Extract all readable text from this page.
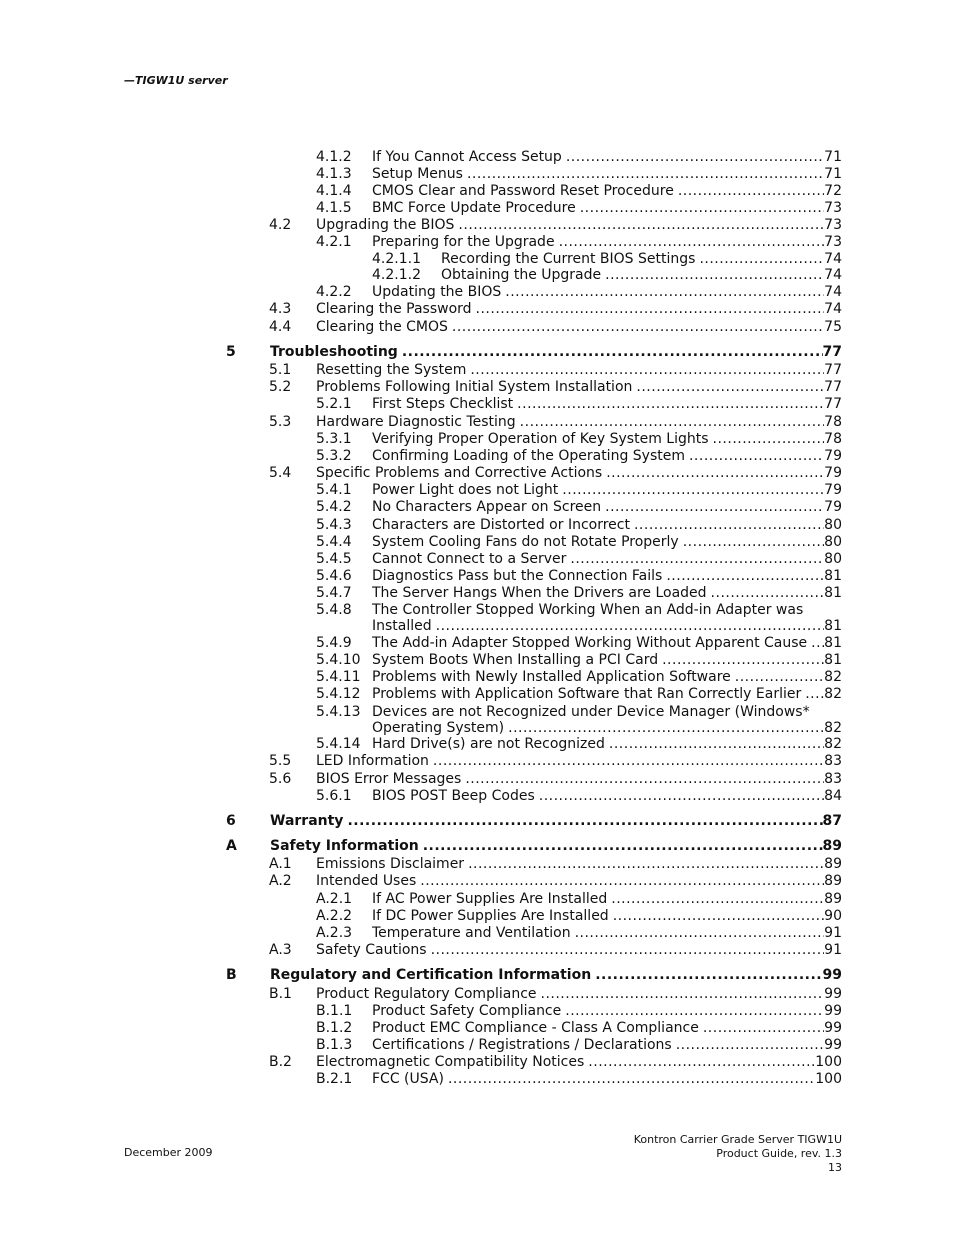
—TIGW1U server
4.1.2 If You Cannot Access Setup .....	71
4.1.3 Setup Menus .....	71
4.1.4 CMOS Clear and Password Reset Procedure .....	72
4.1.5 BMC Force Update Procedure .....	73
4.2 Upgrading the BIOS .....	73
4.2.1 Preparing for the Upgrade .....	73
4.2.1.1 Recording the Current BIOS Settings .....	74
4.2.1.2 Obtaining the Upgrade .....	74
4.2.2 Updating the BIOS .....	74
4.3 Clearing the Password .....	74
4.4 Clearing the CMOS .....	75
5 Troubleshooting .....	77
5.1 Resetting the System .....	77
5.2 Problems Following Initial System Installation .....	77
5.2.1 First Steps Checklist .....	77
5.3 Hardware Diagnostic Testing .....	78
5.3.1 Verifying Proper Operation of Key System Lights .....	78
5.3.2 Confirming Loading of the Operating System .....	79
5.4 Specific Problems and Corrective Actions .....	79
5.4.1 Power Light does not Light .....	79
5.4.2 No Characters Appear on Screen .....	79
5.4.3 Characters are Distorted or Incorrect .....	80
5.4.4 System Cooling Fans do not Rotate Properly .....	80
5.4.5 Cannot Connect to a Server .....	80
5.4.6 Diagnostics Pass but the Connection Fails .....	81
5.4.7 The Server Hangs When the Drivers are Loaded .....	81
5.4.8 The Controller Stopped Working When an Add-in Adapter was
Installed .....	81
5.4.9 The Add-in Adapter Stopped Working Without Apparent Cause ..... 81
5.4.10 System Boots When Installing a PCI Card .....	81
5.4.11 Problems with Newly Installed Application Software .....	82
5.4.12 Problems with Application Software that Ran Correctly Earlier ..... 82
5.4.13 Devices are not Recognized under Device Manager (Windows*
Operating System) .....	82
5.4.14 Hard Drive(s) are not Recognized .....	82
5.5 LED Information .....	83
5.6 BIOS Error Messages .....	83
5.6.1 BIOS POST Beep Codes .....	84
6 Warranty .....	87
A Safety Information .....	89
A.1 Emissions Disclaimer .....	89
A.2 Intended Uses .....	89
A.2.1 If AC Power Supplies Are Installed .....	89
A.2.2 If DC Power Supplies Are Installed .....	90
A.2.3 Temperature and Ventilation .....	91
A.3 Safety Cautions .....	91
B Regulatory and Certification Information .....	99
B.1 Product Regulatory Compliance .....	99
B.1.1 Product Safety Compliance .....	99
B.1.2 Product EMC Compliance - Class A Compliance .....	99
B.1.3 Certifications / Registrations / Declarations .....	99
B.2 Electromagnetic Compatibility Notices .....	100
B.2.1 FCC (USA) .....	100
December 2009
Kontron Carrier Grade Server TIGW1U
Product Guide, rev. 1.3
13
